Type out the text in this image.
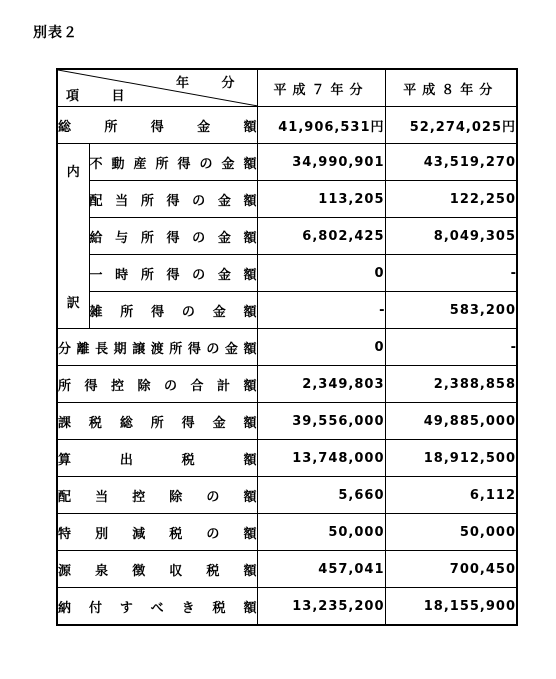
別表２
年 分
項 目		平成７年分	平成８年分
総所得金額		41,906,531円	52,274,025円

内
訳	不動産所得の金額	34,990,901	43,519,270
	配当所得の金額	113,205	122,250
	給与所得の金額	6,802,425	8,049,305
	一時所得の金額	0	-
	雑所得の金額	-	583,200
分離長期譲渡所得の金額		0	-
所得控除の合計額		2,349,803	2,388,858
課税総所得金額		39,556,000	49,885,000
算出税額		13,748,000	18,912,500
配当控除の額		5,660	6,112
特別減税の額		50,000	50,000
源泉徴収税額		457,041	700,450
納付すべき税額		13,235,200	18,155,900
